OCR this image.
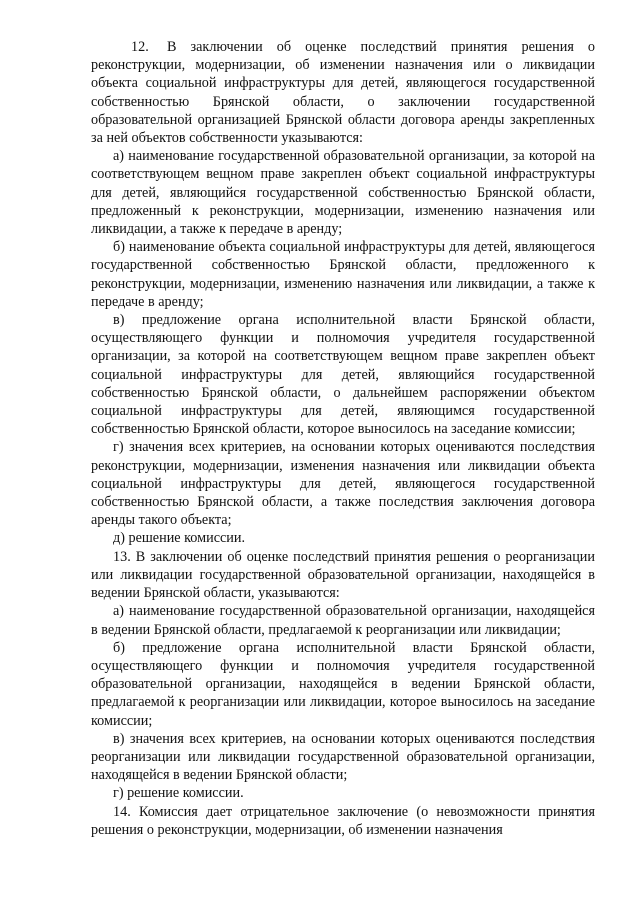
12. В заключении об оценке последствий принятия решения о реконструкции, модернизации, об изменении назначения или о ликвидации объекта социальной инфраструктуры для детей, являющегося государственной собственностью Брянской области, о заключении государственной образовательной организацией Брянской области договора аренды закрепленных за ней объектов собственности указываются:

а) наименование государственной образовательной организации, за которой на соответствующем вещном праве закреплен объект социальной инфраструктуры для детей, являющийся государственной собственностью Брянской области, предложенный к реконструкции, модернизации, изменению назначения или ликвидации, а также к передаче в аренду;

б) наименование объекта социальной инфраструктуры для детей, являющегося государственной собственностью Брянской области, предложенного к реконструкции, модернизации, изменению назначения или ликвидации, а также к передаче в аренду;

в) предложение органа исполнительной власти Брянской области, осуществляющего функции и полномочия учредителя государственной организации, за которой на соответствующем вещном праве закреплен объект социальной инфраструктуры для детей, являющийся государственной собственностью Брянской области, о дальнейшем распоряжении объектом социальной инфраструктуры для детей, являющимся государственной собственностью Брянской области, которое выносилось на заседание комиссии;

г) значения всех критериев, на основании которых оцениваются последствия реконструкции, модернизации, изменения назначения или ликвидации объекта социальной инфраструктуры для детей, являющегося государственной собственностью Брянской области, а также последствия заключения договора аренды такого объекта;

д) решение комиссии.

13. В заключении об оценке последствий принятия решения о реорганизации или ликвидации государственной образовательной организации, находящейся в ведении Брянской области, указываются:

а) наименование государственной образовательной организации, находящейся в ведении Брянской области, предлагаемой к реорганизации или ликвидации;

б) предложение органа исполнительной власти Брянской области, осуществляющего функции и полномочия учредителя государственной образовательной организации, находящейся в ведении Брянской области, предлагаемой к реорганизации или ликвидации, которое выносилось на заседание комиссии;

в) значения всех критериев, на основании которых оцениваются последствия реорганизации или ликвидации государственной образовательной организации, находящейся в ведении Брянской области;

г) решение комиссии.

14. Комиссия дает отрицательное заключение (о невозможности принятия решения о реконструкции, модернизации, об изменении назначения
